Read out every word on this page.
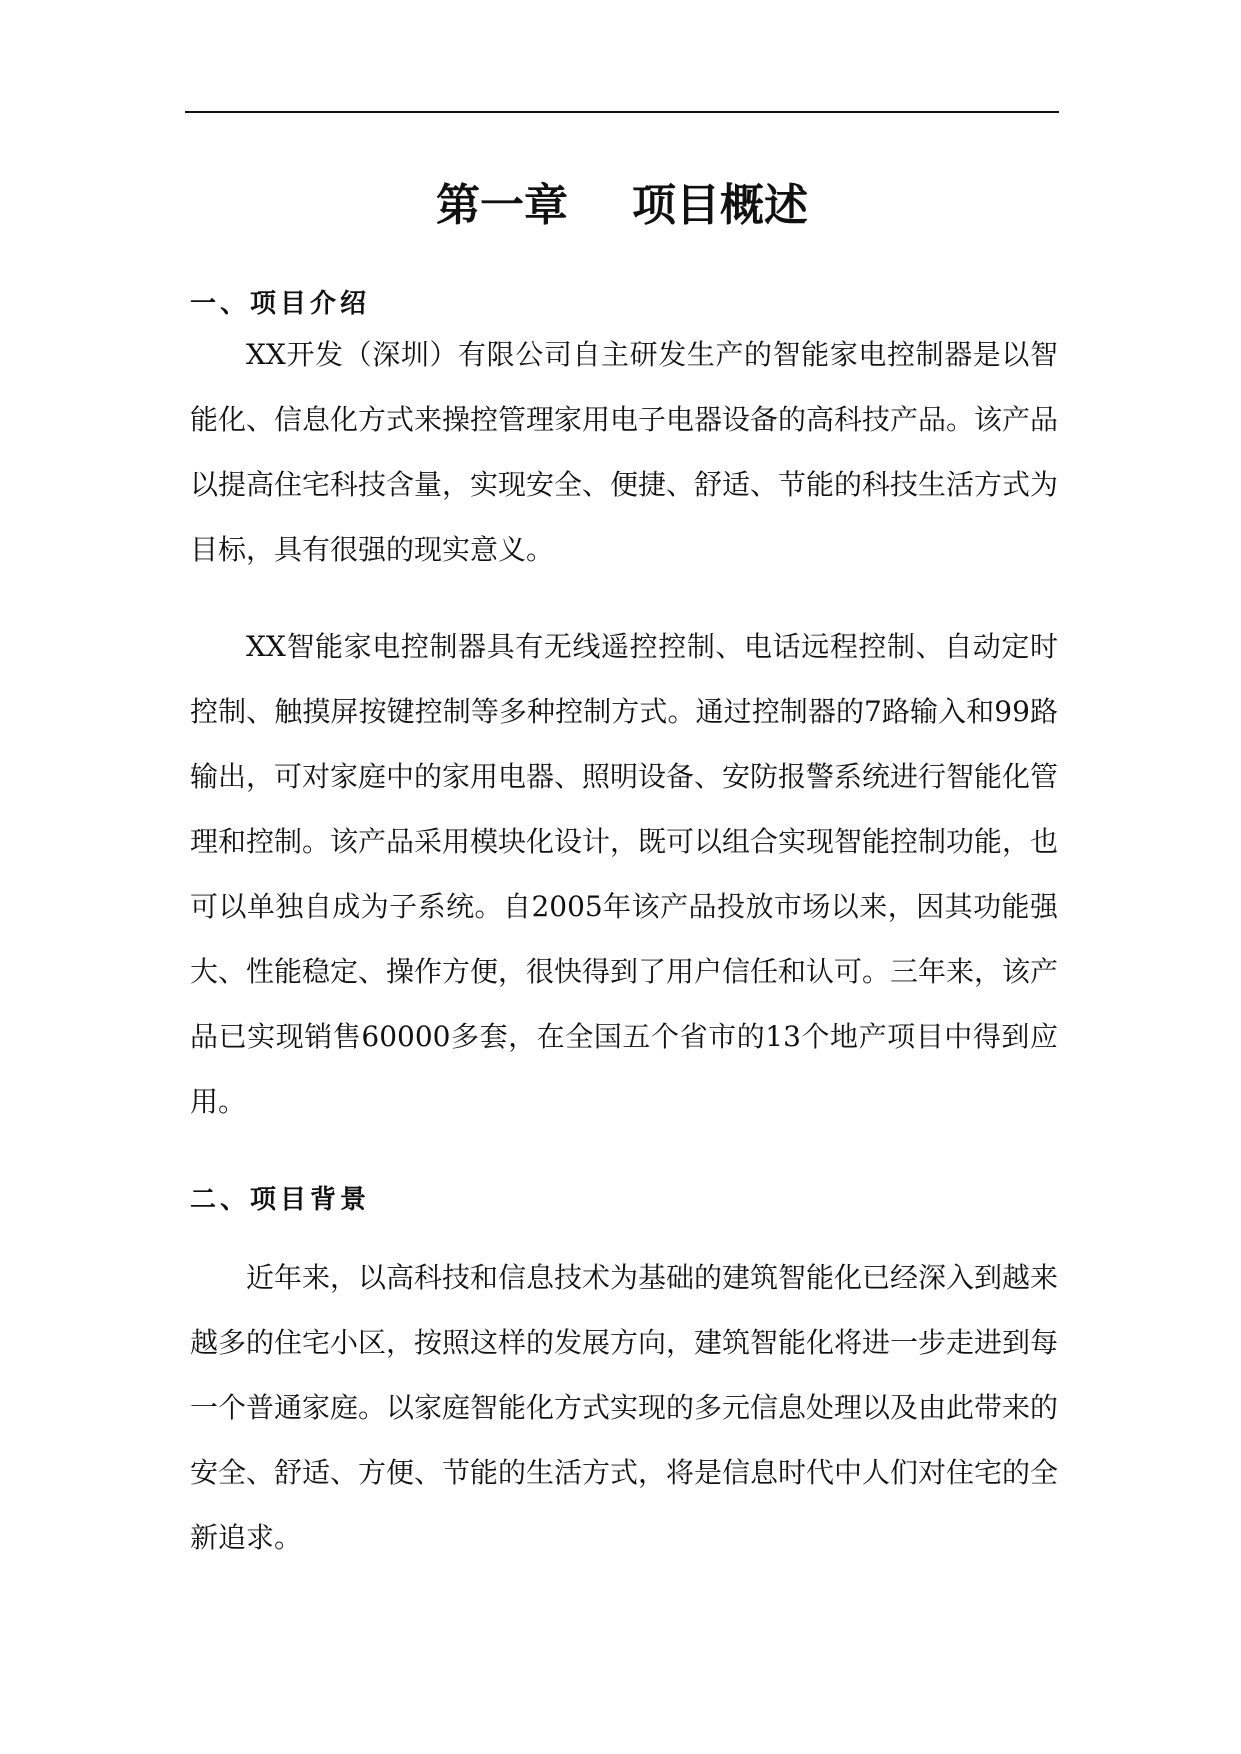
第一章 项目概述
一、项目介绍

XX开发（深圳）有限公司自主研发生产的智能家电控制器是以智能化、信息化方式来操控管理家用电子电器设备的高科技产品。该产品以提高住宅科技含量，实现安全、便捷、舒适、节能的科技生活方式为目标，具有很强的现实意义。

XX智能家电控制器具有无线遥控控制、电话远程控制、自动定时控制、触摸屏按键控制等多种控制方式。通过控制器的7路输入和99路输出，可对家庭中的家用电器、照明设备、安防报警系统进行智能化管理和控制。该产品采用模块化设计，既可以组合实现智能控制功能，也可以单独自成为子系统。自2005年该产品投放市场以来，因其功能强大、性能稳定、操作方便，很快得到了用户信任和认可。三年来，该产品已实现销售60000多套，在全国五个省市的13个地产项目中得到应用。

二、项目背景

近年来，以高科技和信息技术为基础的建筑智能化已经深入到越来越多的住宅小区，按照这样的发展方向，建筑智能化将进一步走进到每一个普通家庭。以家庭智能化方式实现的多元信息处理以及由此带来的安全、舒适、方便、节能的生活方式，将是信息时代中人们对住宅的全新追求。
